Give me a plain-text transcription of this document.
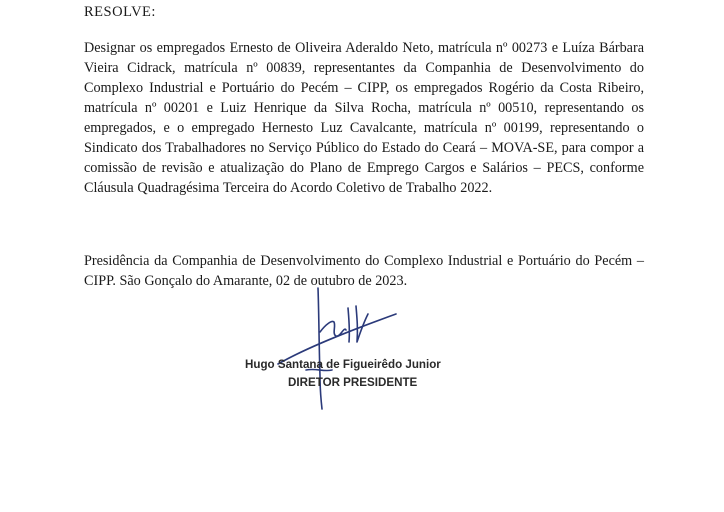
RESOLVE:
Designar os empregados Ernesto de Oliveira Aderaldo Neto, matrícula nº 00273 e Luíza Bárbara Vieira Cidrack, matrícula nº 00839, representantes da Companhia de Desenvolvimento do Complexo Industrial e Portuário do Pecém – CIPP, os empregados Rogério da Costa Ribeiro, matrícula nº 00201 e Luiz Henrique da Silva Rocha, matrícula nº 00510, representando os empregados, e o empregado Hernesto Luz Cavalcante, matrícula nº 00199, representando o Sindicato dos Trabalhadores no Serviço Público do Estado do Ceará – MOVA-SE, para compor a comissão de revisão e atualização do Plano de Emprego Cargos e Salários – PECS, conforme Cláusula Quadragésima Terceira do Acordo Coletivo de Trabalho 2022.
Presidência da Companhia de Desenvolvimento do Complexo Industrial e Portuário do Pecém – CIPP. São Gonçalo do Amarante, 02 de outubro de 2023.
Hugo Santana de Figueirêdo Junior
DIRETOR PRESIDENTE
